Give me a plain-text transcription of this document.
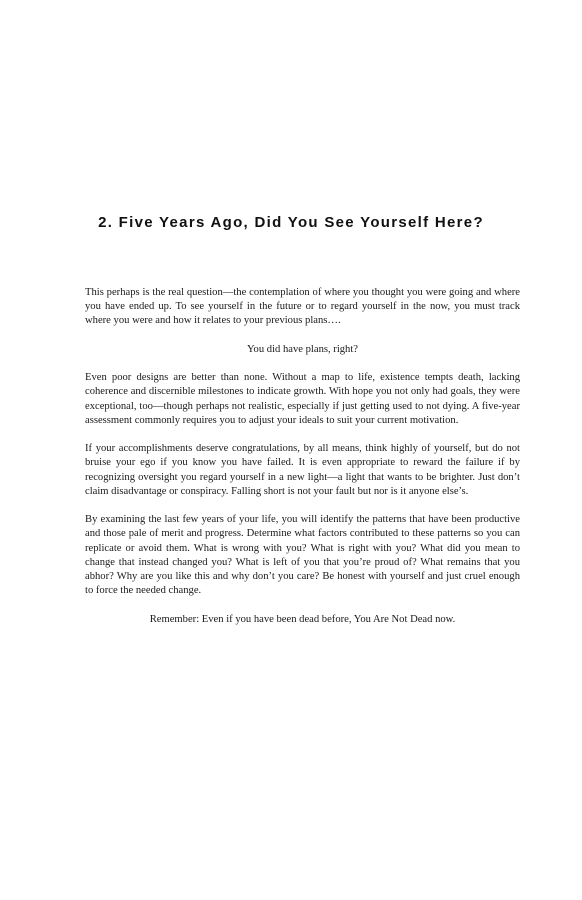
2. Five Years Ago, Did You See Yourself Here?

This perhaps is the real question—the contemplation of where you thought you were going and where you have ended up. To see yourself in the future or to regard yourself in the now, you must track where you were and how it relates to your previous plans….

You did have plans, right?

Even poor designs are better than none. Without a map to life, existence tempts death, lacking coherence and discernible milestones to indicate growth. With hope you not only had goals, they were exceptional, too—though perhaps not realistic, especially if just getting used to not dying. A five-year assessment commonly requires you to adjust your ideals to suit your current motivation.

If your accomplishments deserve congratulations, by all means, think highly of yourself, but do not bruise your ego if you know you have failed. It is even appropriate to reward the failure if by recognizing oversight you regard yourself in a new light—a light that wants to be brighter. Just don’t claim disadvantage or conspiracy. Falling short is not your fault but nor is it anyone else’s.

By examining the last few years of your life, you will identify the patterns that have been productive and those pale of merit and progress. Determine what factors contributed to these patterns so you can replicate or avoid them. What is wrong with you? What is right with you? What did you mean to change that instead changed you? What is left of you that you’re proud of? What remains that you abhor? Why are you like this and why don’t you care? Be honest with yourself and just cruel enough to force the needed change.

Remember: Even if you have been dead before, You Are Not Dead now.
